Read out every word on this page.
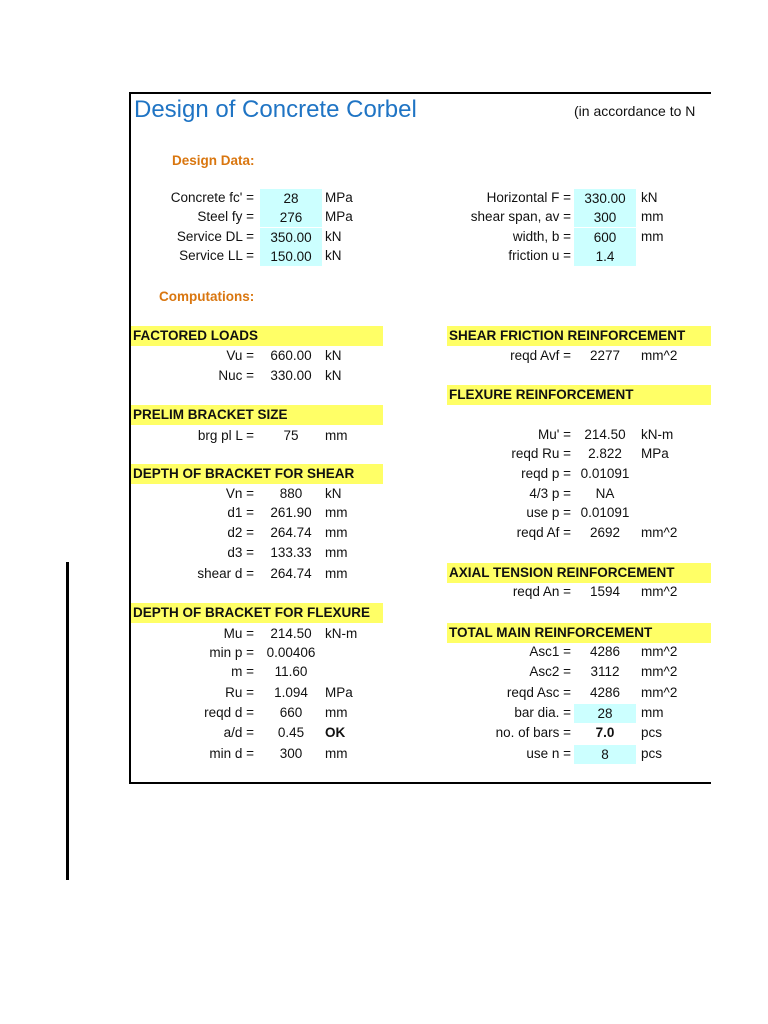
Design of Concrete Corbel	(in accordance to N
Design Data:
Concrete fc' =	28	MPa
Steel fy =	276	MPa
Service DL =	350.00 kN
Service LL =	150.00 kN
Horizontal F = 330.00	kN
shear span, av =	300	mm
width, b =	600	mm
friction u =	1.4
Computations:
FACTORED LOADS
Vu =	660.00 kN
Nuc =	330.00 kN
PRELIM BRACKET SIZE
brg pl L =	75	mm
DEPTH OF BRACKET FOR SHEAR
Vn =	880	kN
d1 =	261.90 mm
d2 =	264.74 mm
d3 =	133.33 mm
shear d =	264.74 mm
DEPTH OF BRACKET FOR FLEXURE
Mu =	214.50 kN-m
min p = 0.00406
m =	11.60
Ru =	1.094	MPa
reqd d =	660	mm
a/d =	0.45	OK
min d =	300	mm
SHEAR FRICTION REINFORCEMENT
reqd Avf =	2277	mm^2
FLEXURE REINFORCEMENT
Mu' = 214.50	kN-m
reqd Ru =	2.822	MPa
reqd p = 0.01091
4/3 p =	NA
use p = 0.01091
reqd Af =	2692	mm^2
AXIAL TENSION REINFORCEMENT
reqd An =	1594	mm^2
TOTAL MAIN REINFORCEMENT
Asc1 =	4286	mm^2
Asc2 =	3112	mm^2
reqd Asc =	4286	mm^2
bar dia. =	28	mm
no. of bars =	7.0	pcs
use n =	8	pcs
